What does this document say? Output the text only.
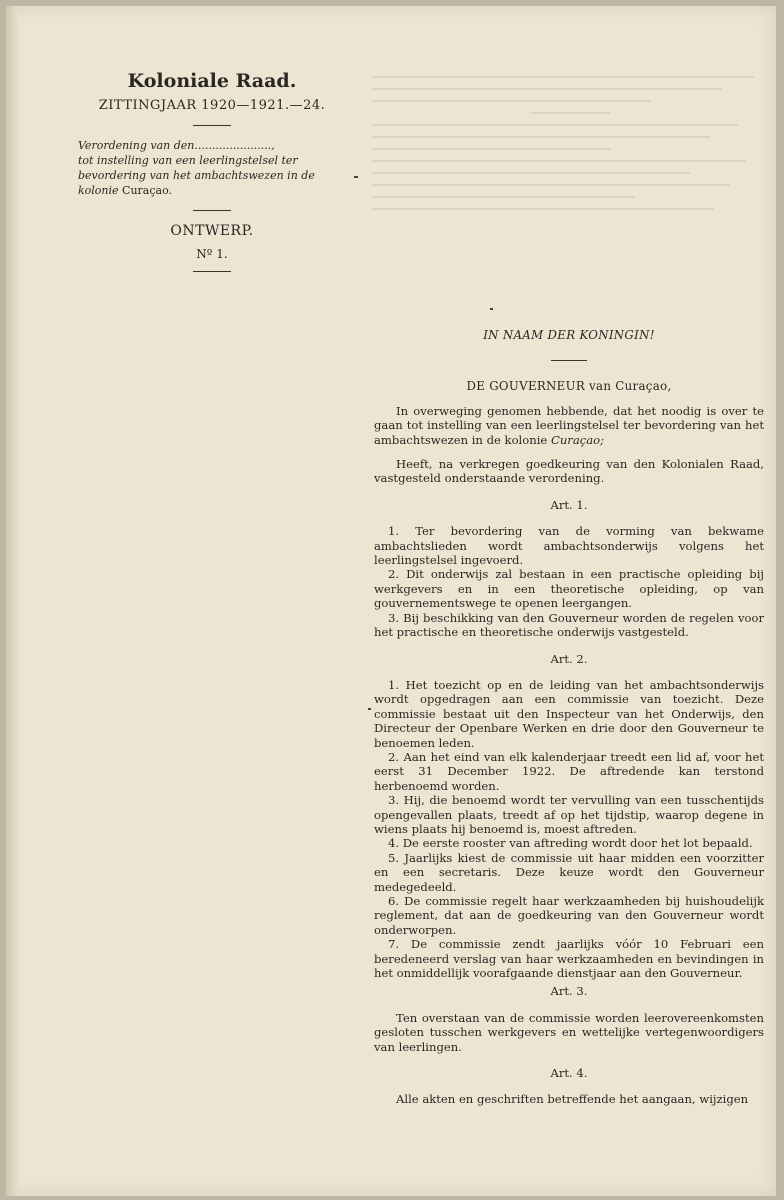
Koloniale Raad.

ZITTINGJAAR 1920—1921.—24.

Verordening van den......................,
tot instelling van een leerlingstelsel ter bevordering van het ambachtswezen in de kolonie Curaçao.

ONTWERP.

Nº 1.

IN NAAM DER KONINGIN!

DE GOUVERNEUR van Curaçao,

In overweging genomen hebbende, dat het noodig is over te gaan tot instelling van een leerlingstelsel ter bevordering van het ambachtswezen in de kolonie Curaçao;

Heeft, na verkregen goedkeuring van den Kolonialen Raad, vastgesteld onderstaande verordening.

Art. 1.

1. Ter bevordering van de vorming van bekwame ambachtslieden wordt ambachtsonderwijs volgens het leerlingstelsel ingevoerd.

2. Dit onderwijs zal bestaan in een practische opleiding bij werkgevers en in een theoretische opleiding, op van gouvernementswege te openen leergangen.

3. Bij beschikking van den Gouverneur worden de regelen voor het practische en theoretische onderwijs vastgesteld.

Art. 2.

1. Het toezicht op en de leiding van het ambachtsonderwijs wordt opgedragen aan een commissie van toezicht. Deze commissie bestaat uit den Inspecteur van het Onderwijs, den Directeur der Openbare Werken en drie door den Gouverneur te benoemen leden.

2. Aan het eind van elk kalenderjaar treedt een lid af, voor het eerst 31 December 1922. De aftredende kan terstond herbenoemd worden.

3. Hij, die benoemd wordt ter vervulling van een tusschentijds opengevallen plaats, treedt af op het tijdstip, waarop degene in wiens plaats hij benoemd is, moest aftreden.

4. De eerste rooster van aftreding wordt door het lot bepaald.

5. Jaarlijks kiest de commissie uit haar midden een voorzitter en een secretaris. Deze keuze wordt den Gouverneur medegedeeld.

6. De commissie regelt haar werkzaamheden bij huishoudelijk reglement, dat aan de goedkeuring van den Gouverneur wordt onderworpen.

7. De commissie zendt jaarlijks vóór 10 Februari een beredeneerd verslag van haar werkzaamheden en bevindingen in het onmiddellijk voorafgaande dienstjaar aan den Gouverneur.

Art. 3.

Ten overstaan van de commissie worden leerovereenkomsten gesloten tusschen werkgevers en wettelijke vertegenwoordigers van leerlingen.

Art. 4.

Alle akten en geschriften betreffende het aangaan, wijzigen
